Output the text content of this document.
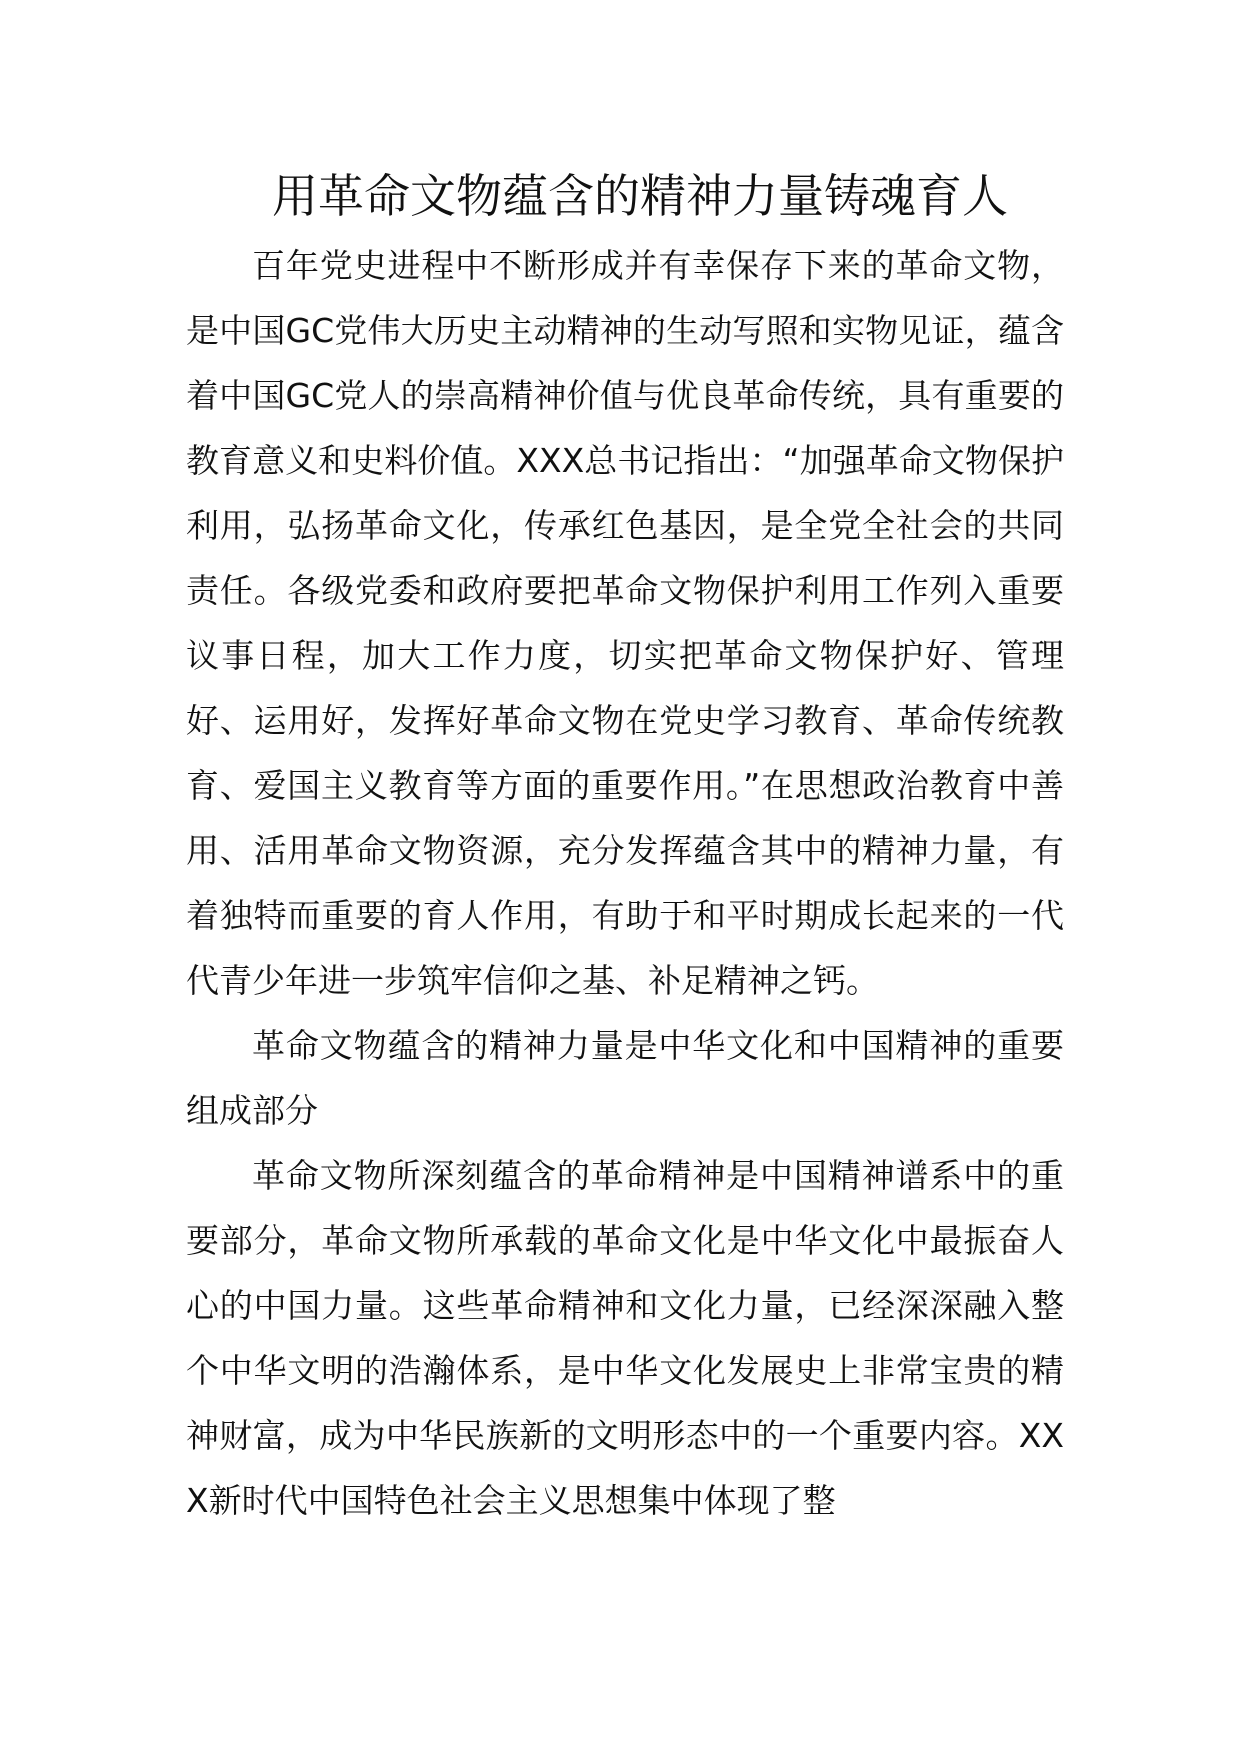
用革命文物蕴含的精神力量铸魂育人

百年党史进程中不断形成并有幸保存下来的革命文物，是中国GC党伟大历史主动精神的生动写照和实物见证，蕴含着中国GC党人的崇高精神价值与优良革命传统，具有重要的教育意义和史料价值。XXX总书记指出：“加强革命文物保护利用，弘扬革命文化，传承红色基因，是全党全社会的共同责任。各级党委和政府要把革命文物保护利用工作列入重要议事日程，加大工作力度，切实把革命文物保护好、管理好、运用好，发挥好革命文物在党史学习教育、革命传统教育、爱国主义教育等方面的重要作用。”在思想政治教育中善用、活用革命文物资源，充分发挥蕴含其中的精神力量，有着独特而重要的育人作用，有助于和平时期成长起来的一代代青少年进一步筑牢信仰之基、补足精神之钙。

革命文物蕴含的精神力量是中华文化和中国精神的重要组成部分

革命文物所深刻蕴含的革命精神是中国精神谱系中的重要部分，革命文物所承载的革命文化是中华文化中最振奋人心的中国力量。这些革命精神和文化力量，已经深深融入整个中华文明的浩瀚体系，是中华文化发展史上非常宝贵的精神财富，成为中华民族新的文明形态中的一个重要内容。XXX新时代中国特色社会主义思想集中体现了整
